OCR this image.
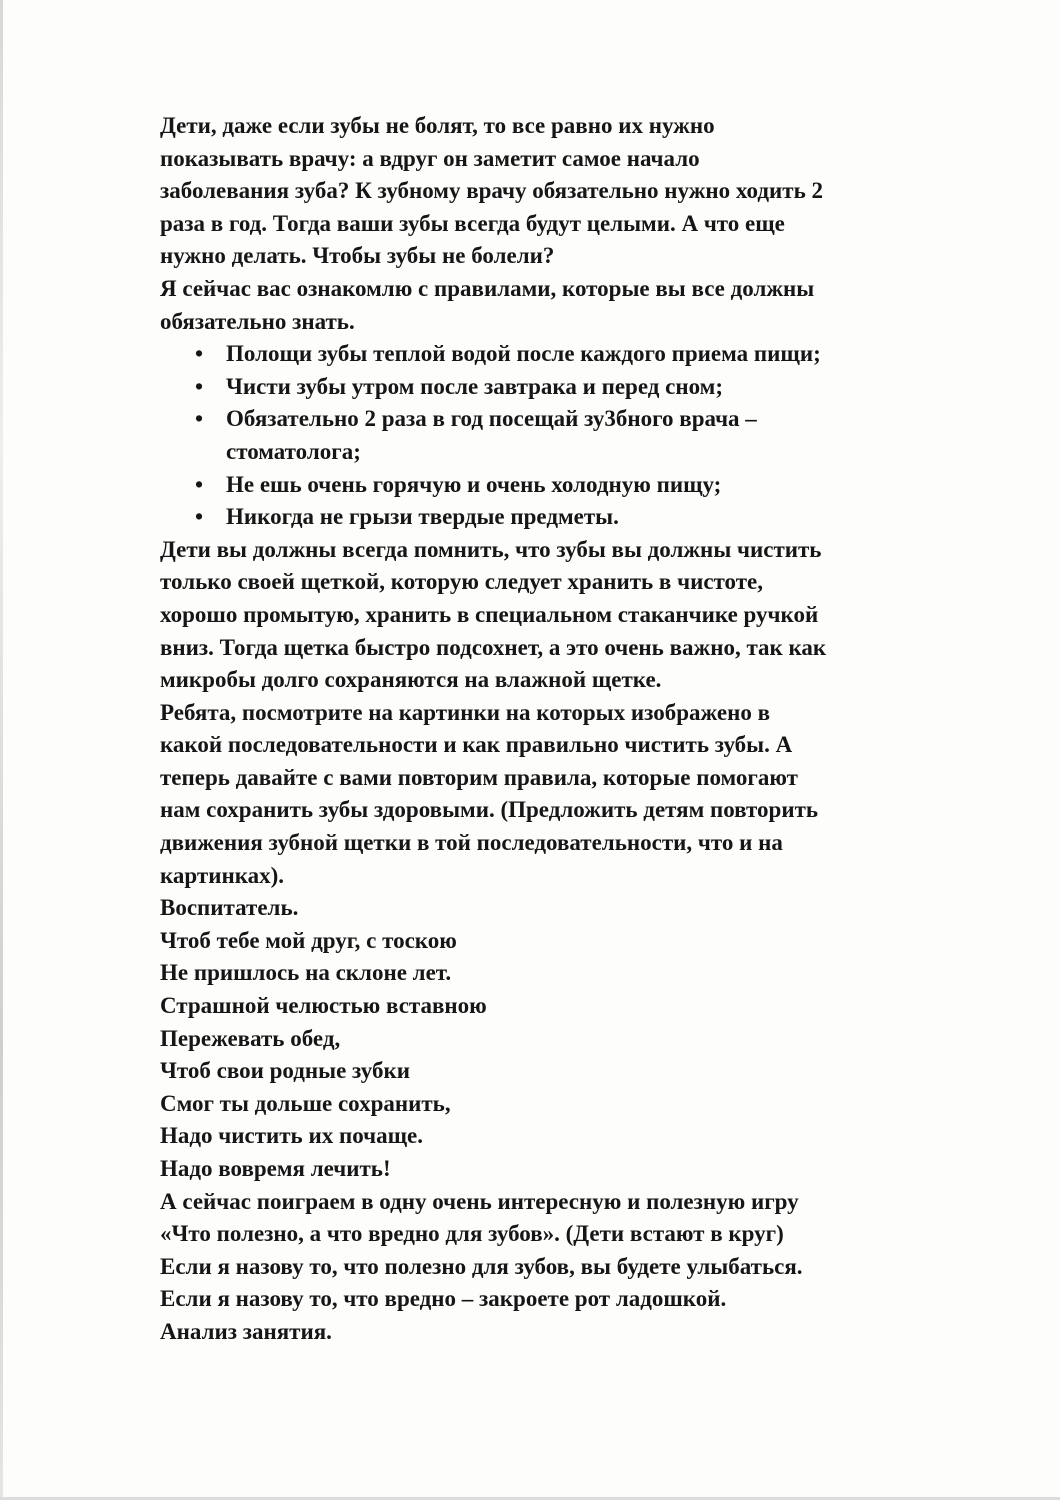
Дети, даже если зубы не болят, то все равно их нужно
показывать врачу: а вдруг он заметит самое начало
заболевания зуба? К зубному врачу обязательно нужно ходить 2
раза в год. Тогда ваши зубы всегда будут целыми. А что еще
нужно делать. Чтобы зубы не болели?

Я сейчас вас ознакомлю с правилами, которые вы все должны
обязательно знать.

• Полощи зубы теплой водой после каждого приема пищи;
• Чисти зубы утром после завтрака и перед сном;
• Обязательно 2 раза в год посещай зу3бного врача –
стоматолога;
• Не ешь очень горячую и очень холодную пищу;
• Никогда не грызи твердые предметы.

Дети вы должны всегда помнить, что зубы вы должны чистить
только своей щеткой, которую следует хранить в чистоте,
хорошо промытую, хранить в специальном стаканчике ручкой
вниз. Тогда щетка быстро подсохнет, а это очень важно, так как
микробы долго сохраняются на влажной щетке.

Ребята, посмотрите на картинки на которых изображено в
какой последовательности и как правильно чистить зубы. А
теперь давайте с вами повторим правила, которые помогают
нам сохранить зубы здоровыми. (Предложить детям повторить
движения зубной щетки в той последовательности, что и на
картинках).

Воспитатель.
Чтоб тебе мой друг, с тоскою
Не пришлось на склоне лет.
Страшной челюстью вставною
Пережевать обед,
Чтоб свои родные зубки
Смог ты дольше сохранить,
Надо чистить их почаще.
Надо вовремя лечить!
А сейчас поиграем в одну очень интересную и полезную игру
«Что полезно, а что вредно для зубов». (Дети встают в круг)
Если я назову то, что полезно для зубов, вы будете улыбаться.
Если я назову то, что вредно – закроете рот ладошкой.
Анализ занятия.
